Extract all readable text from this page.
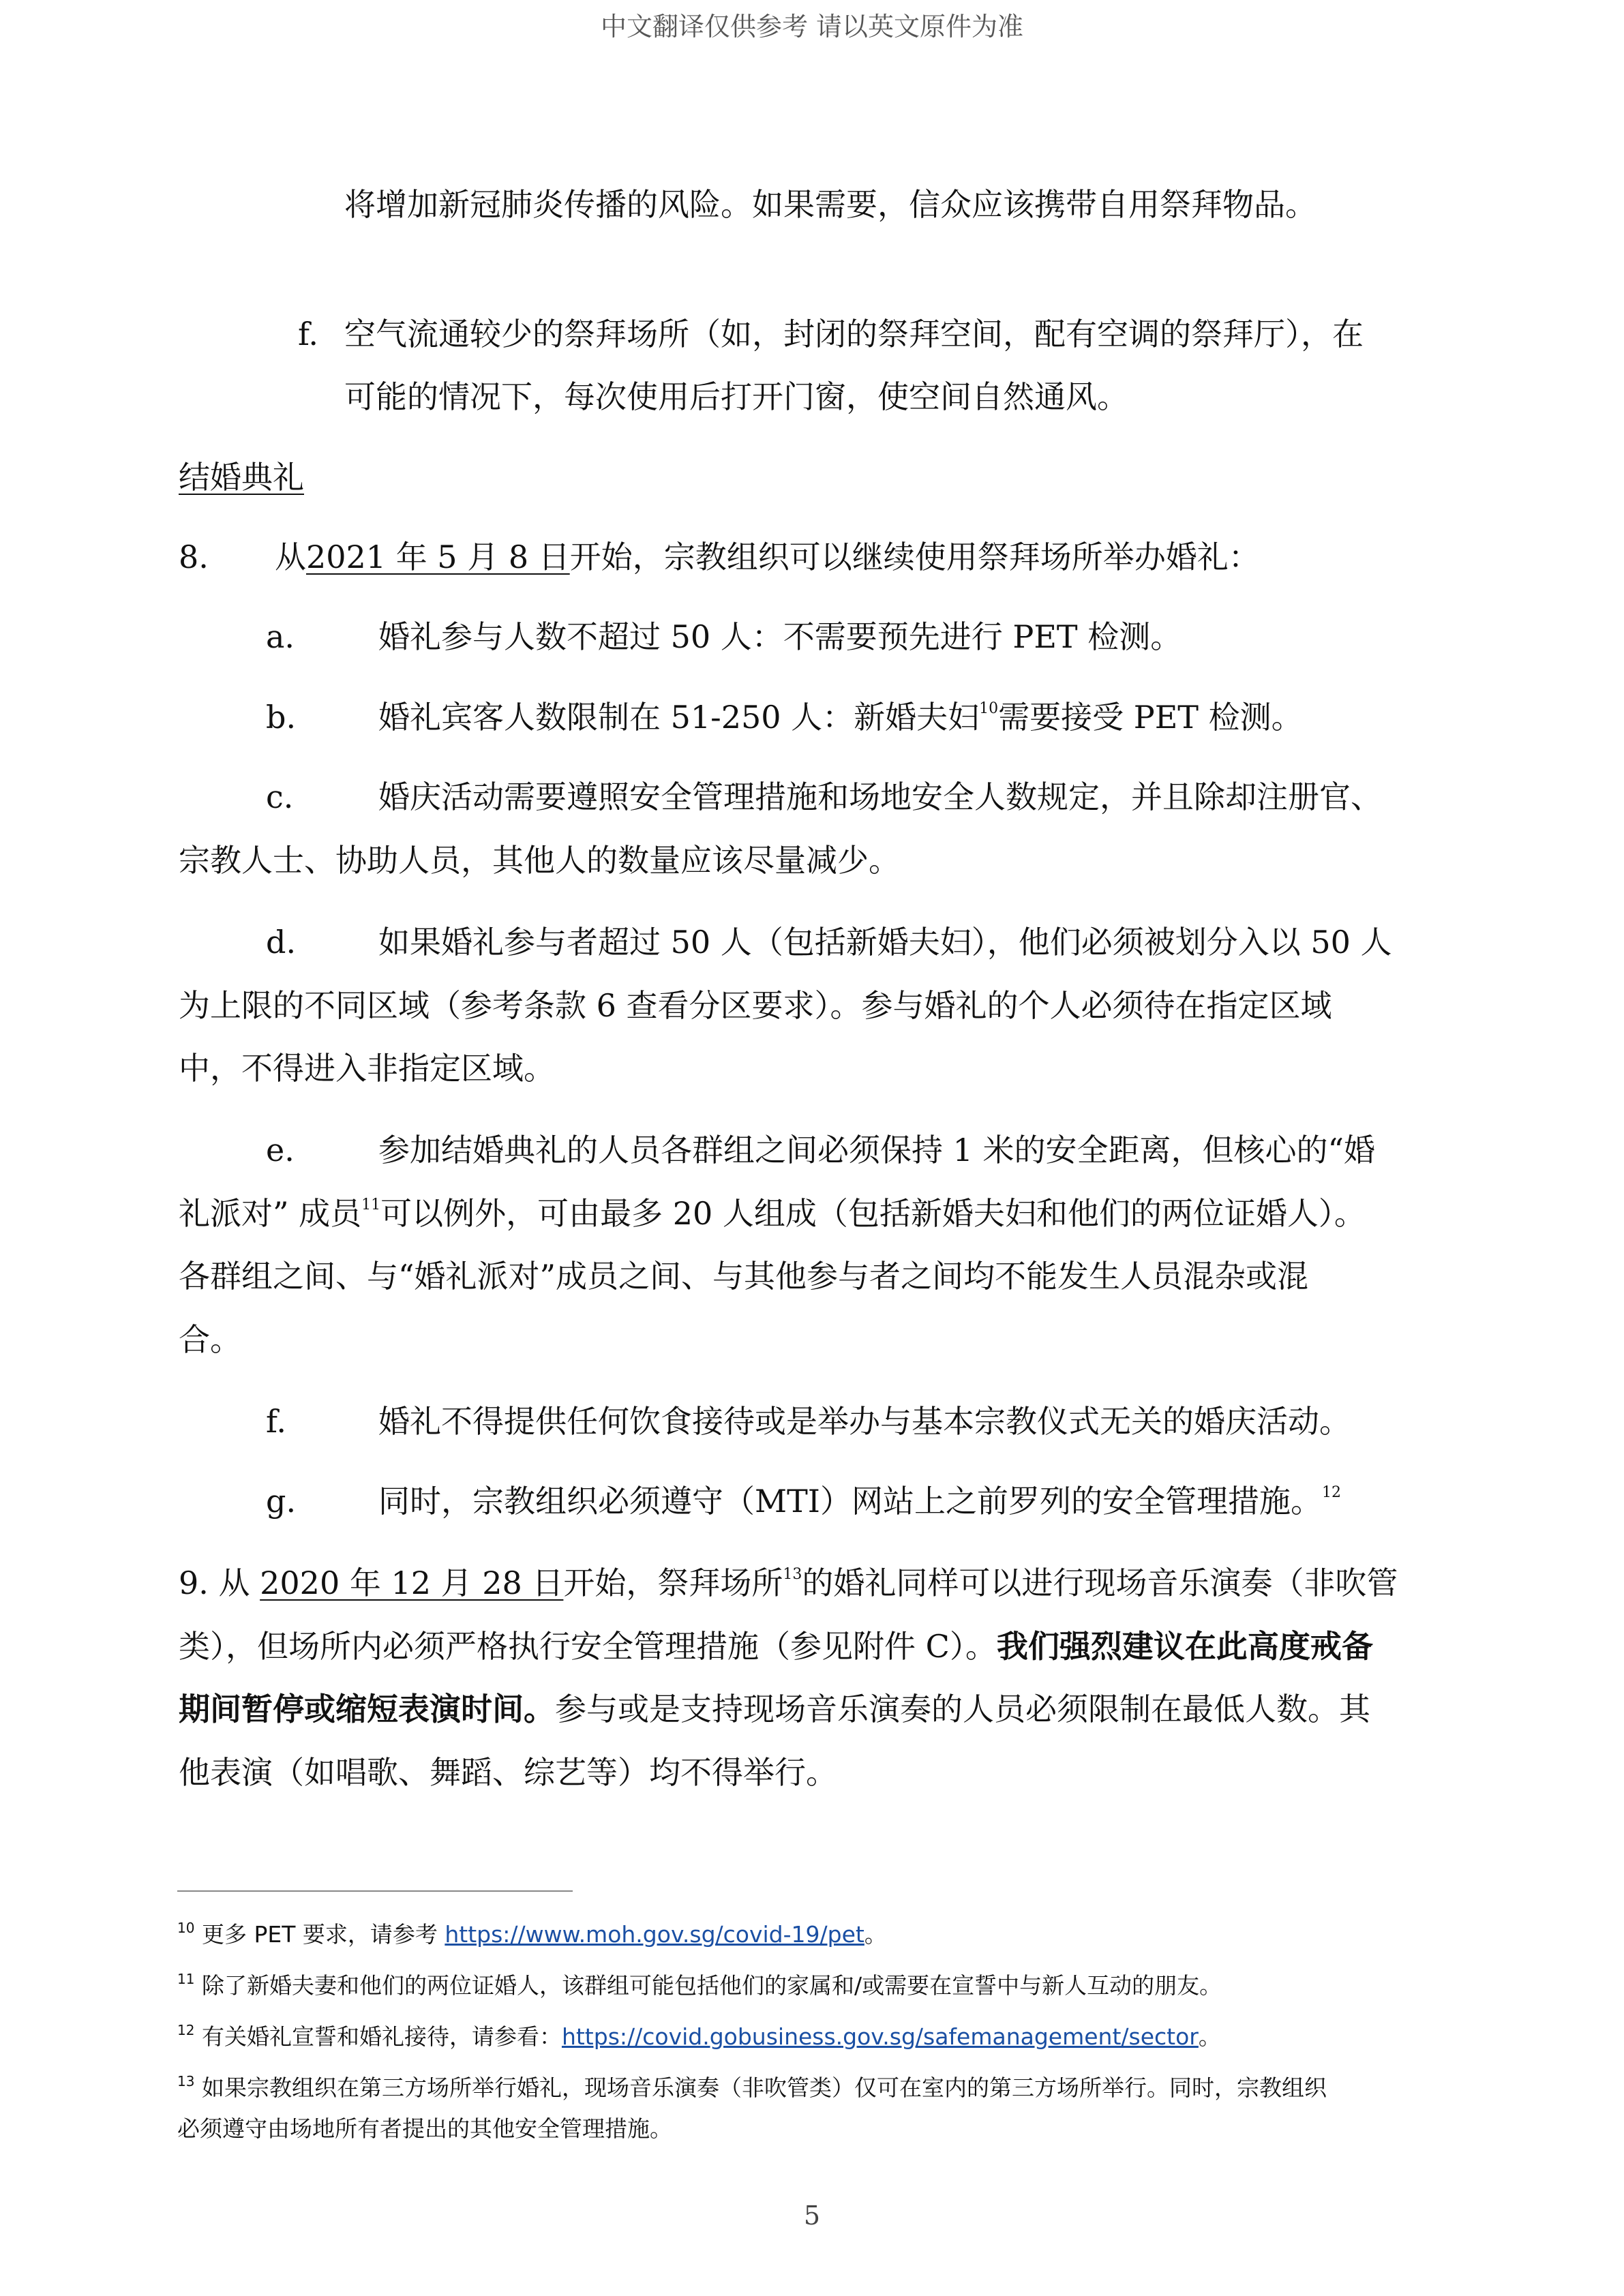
中文翻译仅供参考 请以英文原件为准
将增加新冠肺炎传播的风险。如果需要，信众应该携带自用祭拜物品。
f. 空气流通较少的祭拜场所（如，封闭的祭拜空间，配有空调的祭拜厅），在
可能的情况下，每次使用后打开门窗，使空间自然通风。
结婚典礼
8. 从2021 年 5 月 8 日开始，宗教组织可以继续使用祭拜场所举办婚礼：
a.	婚礼参与人数不超过 50 人：不需要预先进行 PET 检测。
b.	婚礼宾客人数限制在 51-250 人：新婚夫妇$^{10}$需要接受 PET 检测。
c.	婚庆活动需要遵照安全管理措施和场地安全人数规定，并且除却注册官、
宗教人士、协助人员，其他人的数量应该尽量减少。
d.	如果婚礼参与者超过 50 人（包括新婚夫妇），他们必须被划分入以 50 人
为上限的不同区域（参考条款 6 查看分区要求）。参与婚礼的个人必须待在指定区域
中，不得进入非指定区域。
e.	参加结婚典礼的人员各群组之间必须保持 1 米的安全距离，但核心的“婚
礼派对” 成员$^{11}$可以例外，可由最多 20 人组成（包括新婚夫妇和他们的两位证婚人）。
各群组之间、与“婚礼派对”成员之间、与其他参与者之间均不能发生人员混杂或混
合。
f.	婚礼不得提供任何饮食接待或是举办与基本宗教仪式无关的婚庆活动。
g.	同时，宗教组织必须遵守（MTI）网站上之前罗列的安全管理措施。$^{12}$
9. 从 2020 年 12 月 28 日开始，祭拜场所$^{13}$的婚礼同样可以进行现场音乐演奏（非吹管
类），但场所内必须严格执行安全管理措施（参见附件 C）。我们强烈建议在此高度戒备
期间暂停或缩短表演时间。参与或是支持现场音乐演奏的人员必须限制在最低人数。其
他表演（如唱歌、舞蹈、综艺等）均不得举行。
$^{10}$ 更多 PET 要求，请参考 https://www.moh.gov.sg/covid-19/pet。
$^{11}$ 除了新婚夫妻和他们的两位证婚人，该群组可能包括他们的家属和/或需要在宣誓中与新人互动的朋友。
$^{12}$ 有关婚礼宣誓和婚礼接待，请参看：https://covid.gobusiness.gov.sg/safemanagement/sector。
$^{13}$ 如果宗教组织在第三方场所举行婚礼，现场音乐演奏（非吹管类）仅可在室内的第三方场所举行。同时，宗教组织
必须遵守由场地所有者提出的其他安全管理措施。
5
